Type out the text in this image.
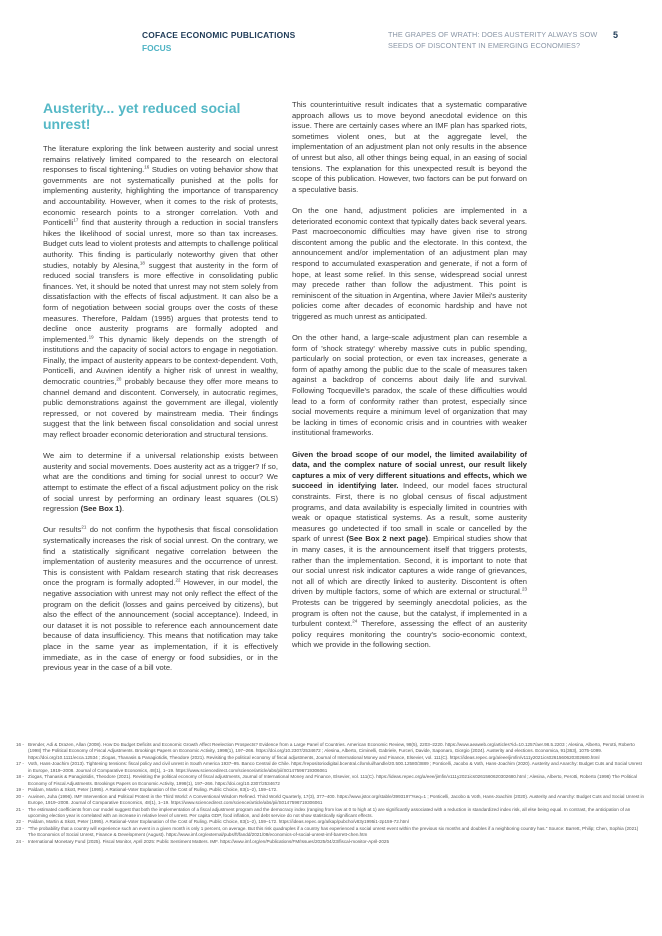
COFACE ECONOMIC PUBLICATIONS
FOCUS
THE GRAPES OF WRATH: DOES AUSTERITY ALWAYS SOW SEEDS OF DISCONTENT IN EMERGING ECONOMIES?
5
Austerity... yet reduced social unrest!

The literature exploring the link between austerity and social unrest remains relatively limited compared to the research on electoral responses to fiscal tightening.$^{16}$ Studies on voting behavior show that governments are not systematically punished at the polls for implementing austerity, highlighting the importance of transparency and accountability. However, when it comes to the risk of protests, economic research points to a stronger correlation. Voth and Ponticelli$^{17}$ find that austerity through a reduction in social transfers hikes the likelihood of social unrest, more so than tax increases. Budget cuts lead to violent protests and attempts to challenge political authority. This finding is particularly noteworthy given that other studies, notably by Alesina,$^{18}$ suggest that austerity in the form of reduced social transfers is more effective in consolidating public finances. Yet, it should be noted that unrest may not stem solely from dissatisfaction with the effects of fiscal adjustment. It can also be a form of negotiation between social groups over the costs of these measures. Therefore, Paldam (1995) argues that protests tend to decline once austerity programs are formally adopted and implemented.$^{19}$ This dynamic likely depends on the strength of institutions and the capacity of social actors to engage in negotiation. Finally, the impact of austerity appears to be context-dependent. Voth, Ponticelli, and Auvinen identify a higher risk of unrest in wealthy, democratic countries,$^{20}$ probably because they offer more means to channel demand and discontent. Conversely, in autocratic regimes, public demonstrations against the government are illegal, violently repressed, or not covered by mainstream media. Their findings suggest that the link between fiscal consolidation and social unrest may reflect broader economic deterioration and structural tensions.

We aim to determine if a universal relationship exists between austerity and social movements. Does austerity act as a trigger? If so, what are the conditions and timing for social unrest to occur? We attempt to estimate the effect of a fiscal adjustment policy on the risk of social unrest by performing an ordinary least squares (OLS) regression (See Box 1).

Our results$^{21}$ do not confirm the hypothesis that fiscal consolidation systematically increases the risk of social unrest. On the contrary, we find a statistically significant negative correlation between the implementation of austerity measures and the occurrence of unrest. This is consistent with Paldam research stating that risk decreases once the program is formally adopted.$^{22}$ However, in our model, the negative association with unrest may not only reflect the effect of the program on the deficit (losses and gains perceived by citizens), but also the effect of the announcement (social acceptance). Indeed, in our dataset it is not possible to reference each announcement date because of data insufficiency. This means that notification may take place in the same year as implementation, if it is effectively immediate, as in the case of energy or food subsidies, or in the previous year in the case of a bill vote.

This counterintuitive result indicates that a systematic comparative approach allows us to move beyond anecdotal evidence on this issue. There are certainly cases where an IMF plan has sparked riots, sometimes violent ones, but at the aggregate level, the implementation of an adjustment plan not only results in the absence of unrest but also, all other things being equal, in an easing of social tensions. The explanation for this unexpected result is beyond the scope of this publication. However, two factors can be put forward on a speculative basis.

On the one hand, adjustment policies are implemented in a deteriorated economic context that typically dates back several years. Past macroeconomic difficulties may have given rise to strong discontent among the public and the electorate. In this context, the announcement and/or implementation of an adjustment plan may respond to accumulated exasperation and generate, if not a form of hope, at least some relief. In this sense, widespread social unrest may precede rather than follow the adjustment. This point is reminiscent of the situation in Argentina, where Javier Milei's austerity policies come after decades of economic hardship and have not triggered as much unrest as anticipated.

On the other hand, a large-scale adjustment plan can resemble a form of 'shock strategy' whereby massive cuts in public spending, particularly on social protection, or even tax increases, generate a form of apathy among the public due to the scale of measures taken against a backdrop of concerns about daily life and survival. Following Tocqueville's paradox, the scale of these difficulties would lead to a form of conformity rather than protest, especially since social movements require a minimum level of organization that may be lacking in times of economic crisis and in countries with weaker institutional frameworks.

Given the broad scope of our model, the limited availability of data, and the complex nature of social unrest, our result likely captures a mix of very different situations and effects, which we succeed in identifying later. Indeed, our model faces structural constraints. First, there is no global census of fiscal adjustment programs, and data availability is especially limited in countries with weak or opaque statistical systems. As a result, some austerity measures go undetected if too small in scale or cancelled by the spark of unrest (See Box 2 next page). Empirical studies show that in many cases, it is the announcement itself that triggers protests, rather than the implementation. Second, it is important to note that our social unrest risk indicator captures a wide range of grievances, not all of which are directly linked to austerity. Discontent is often driven by multiple factors, some of which are external or structural.$^{23}$ Protests can be triggered by seemingly anecdotal policies, as the program is often not the cause, but the catalyst, if implemented in a turbulent context.$^{24}$ Therefore, assessing the effect of an austerity policy requires monitoring the country's socio-economic context, which we provide in the following section.

16 - Brender, Adi & Drazen, Allan (2008). How Do Budget Deficits and Economic Growth Affect Reelection Prospects? Evidence from a Large Panel of Countries. American Economic Review, 98(5), 2203–2220. https://www.aeaweb.org/articles?id=10.1257/aer.98.5.2203 ; Alesina, Alberto, Perotti, Roberto (1998) The Political Economy of Fiscal Adjustments. Brookings Papers on Economic Activity, 1998(1), 197–266. https://doi.org/10.2307/2534672 ; Alesina, Alberto, Ciminelli, Gabriele, Furceri, Davide, Saponaro, Giorgio (2024). Austerity and elections. Economica, 91(363), 1075-1099. https://doi.org/10.1111/ecca.12534 ; Ziogas, Thanasis & Panagiotidis, Theodore (2021). Revisiting the political economy of fiscal adjustments, Journal of International Money and Finance, Elsevier, vol. 111(C). https://ideas.repec.org/a/eee/jimfin/v111y2021ics0261560620302680.html
17 - Voth, Hans-Joachim (2013). Tightening tensions: fiscal policy and civil unrest in South America 1937–95. Banco Central de Chile. https://repositoriodigital.bcentral.cl/xmlui/handle/20.500.12580/3889 ; Ponticelli, Jacobo & Voth, Hans-Joachim (2020). Austerity and Anarchy: Budget Cuts and Social Unrest in Europe, 1919–2008. Journal of Comparative Economics, 48(1), 1–19. https://www.sciencedirect.com/science/article/abs/pii/S0147596719306061
18 - Ziogas, Thanasis & Panagiotidis, Theodore (2021). Revisiting the political economy of fiscal adjustments, Journal of International Money and Finance, Elsevier, vol. 111(C). https://ideas.repec.org/a/eee/jimfin/v111y2021ics0261560620302680.html ; Alesina, Alberto, Perotti, Roberto (1998) The Political Economy of Fiscal Adjustments. Brookings Papers on Economic Activity, 1998(1), 197–266. https://doi.org/10.2307/2534672
19 - Paldam, Martin & Skott, Peter (1995). A Rational-Voter Explanation of the Cost of Ruling. Public Choice, 83(1–2), 159–172.
20 - Auvinen, Juha (1996). IMF Intervention and Political Protest in the Third World: A Conventional Wisdom Refined. Third World Quarterly, 17(3), 377–400. https://www.jstor.org/stable/3993197?seq=1 ; Ponticelli, Jacobo & Voth, Hans-Joachim (2020). Austerity and Anarchy: Budget Cuts and Social Unrest in Europe, 1919–2008. Journal of Comparative Economics, 48(1), 1–19. https://www.sciencedirect.com/science/article/abs/pii/S0147596719306061
21 - The estimated coefficients from our model suggest that both the implementation of a fiscal adjustment program and the democracy index (ranging from low at 0 to high at 1) are significantly associated with a reduction in standardized index risk, all else being equal. In contrast, the anticipation of an upcoming election year is correlated with an increase in relative level of unrest. Per capita GDP, food inflation, and debt service do not show statistically significant effects.
22 - Paldam, Martin & Skott, Peter (1995). A Rational-Voter Explanation of the Cost of Ruling. Public Choice, 83(1–2), 159–172. https://ideas.repec.org/a/kap/pubcho/v83y1995i1-2p159-72.html
23 - "The probability that a country will experience such an event in a given month is only 1 percent, on average. But this risk quadruples if a country has experienced a social unrest event within the previous six months and doubles if a neighboring country has." Source: Barrett, Philip; Chen, Sophia (2021) The Economics of Social Unrest, Finance & Development (August). https://www.imf.org/external/pubs/ft/fandd/2021/08/economics-of-social-unrest-imf-barrett-chen.htm
24 - International Monetary Fund (2025). Fiscal Monitor, April 2025: Public Sentiment Matters. IMF. https://www.imf.org/en/Publications/FM/Issues/2025/04/23/fiscal-monitor-April-2025
